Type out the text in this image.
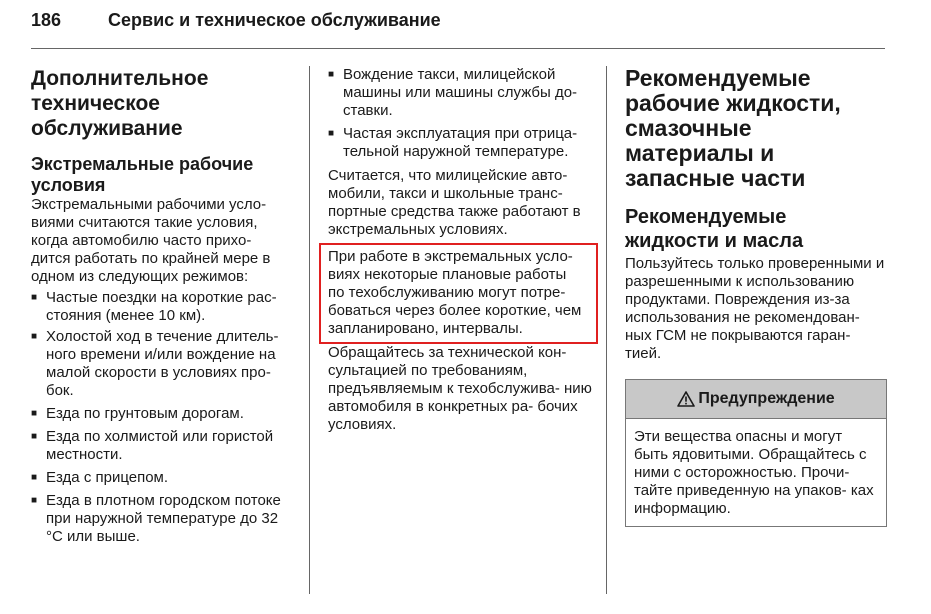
186	Сервис и техническое обслуживание
Дополнительное техническое обслуживание
Экстремальные рабочие условия

Экстремальными рабочими усло- виями считаются такие условия, когда автомобилю часто прихо- дится работать по крайней мере в одном из следующих режимов:

■ Частые поездки на короткие рас- стояния (менее 10 км).
■ Холостой ход в течение длитель- ного времени и/или вождение на малой скорости в условиях про- бок.
■ Езда по грунтовым дорогам.
■ Езда по холмистой или гористой местности.
■ Езда с прицепом.
■ Езда в плотном городском потоке при наружной температуре до 32 °C или выше.
■ Вождение такси, милицейской машины или машины службы до- ставки.
■ Частая эксплуатация при отрица- тельной наружной температуре.

Считается, что милицейские авто- мобили, такси и школьные транс- портные средства также работают в экстремальных условиях.

При работе в экстремальных усло- виях некоторые плановые работы по техобслуживанию могут потре- боваться через более короткие, чем запланировано, интервалы.

Обращайтесь за технической кон- сультацией по требованиям, предъявляемым к техобслужива- нию автомобиля в конкретных ра- бочих условиях.

Рекомендуемые рабочие жидкости, смазочные материалы и запасные части
Рекомендуемые жидкости и масла

Пользуйтесь только проверенными и разрешенными к использованию продуктами. Повреждения из-за использования не рекомендован- ных ГСМ не покрываются гаран- тией.

Предупреждение

Эти вещества опасны и могут быть ядовитыми. Обращайтесь с ними с осторожностью. Прочи- тайте приведенную на упаков- ках информацию.
